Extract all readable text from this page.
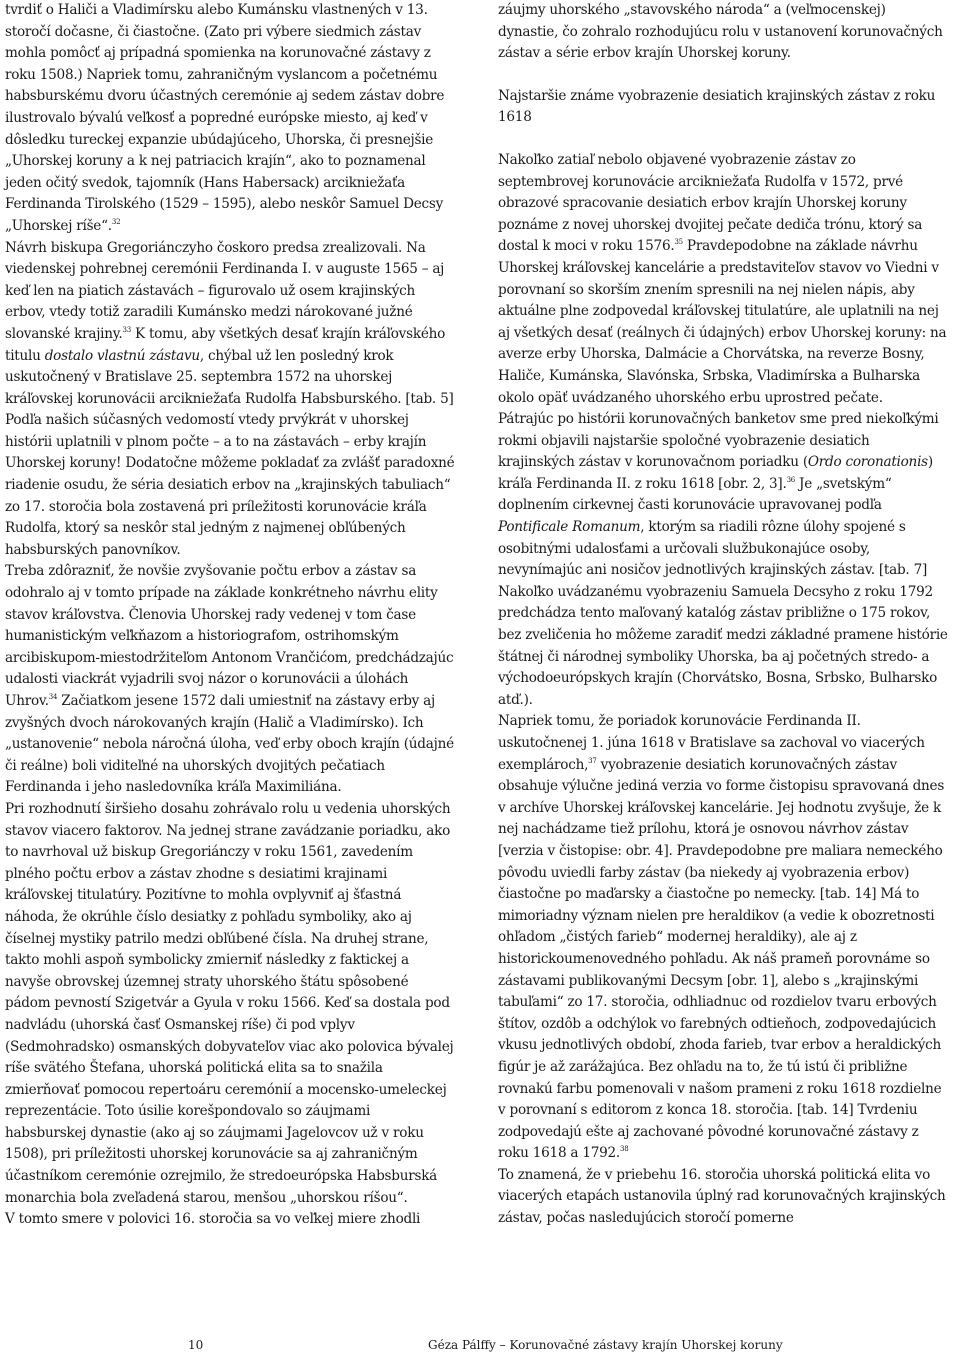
tvrdiť o Haliči a Vladimírsku alebo Kumánsku vlastnených v 13. storočí dočasne, či čiastočne. (Zato pri výbere siedmich zástav mohla pomôcť aj prípadná spomienka na korunovačné zástavy z roku 1508.) Napriek tomu, zahraničným vyslancom a početnému habsburskému dvoru účastných ceremónie aj sedem zástav dobre ilustrovalo bývalú veľkosť a popredné európske miesto, aj keď v dôsledku tureckej expanzie ubúdajúceho, Uhorska, či presnejšie „Uhorskej koruny a k nej patriacich krajín“, ako to poznamenal jeden očitý svedok, tajomník (Hans Habersack) arcikniežaťa Ferdinanda Tirolského (1529 – 1595), alebo neskôr Samuel Decsy „Uhorskej ríše“.$^{32}$

Návrh biskupa Gregoriánczyho čoskoro predsa zrealizovali. Na viedenskej pohrebnej ceremónii Ferdinanda I. v auguste 1565 – aj keď len na piatich zástavách – figurovalo už osem krajinských erbov, vtedy totiž zaradili Kumánsko medzi nárokované južné slovanské krajiny.$^{33}$ K tomu, aby všetkých desať krajín kráľovského titulu dostalo vlastnú zástavu, chýbal už len posledný krok uskutočnený v Bratislave 25. septembra 1572 na uhorskej kráľovskej korunovácii arcikniežaťa Rudolfa Habsburského. [tab. 5] Podľa našich súčasných vedomostí vtedy prvýkrát v uhorskej histórii uplatnili v plnom počte – a to na zástavách – erby krajín Uhorskej koruny! Dodatočne môžeme pokladať za zvlášť paradoxné riadenie osudu, že séria desiatich erbov na „krajinských tabuliach“ zo 17. storočia bola zostavená pri príležitosti korunovácie kráľa Rudolfa, ktorý sa neskôr stal jedným z najmenej obľúbených habsburských panovníkov.

Treba zdôrazniť, že novšie zvyšovanie počtu erbov a zástav sa odohralo aj v tomto prípade na základe konkrétneho návrhu elity stavov kráľovstva. Členovia Uhorskej rady vedenej v tom čase humanistickým veľkňazom a historiografom, ostrihomským arcibiskupom-miestodržiteľom Antonom Vrančićom, predchádzajúc udalosti viackrát vyjadrili svoj názor o korunovácii a úlohách Uhrov.$^{34}$ Začiatkom jesene 1572 dali umiestniť na zástavy erby aj zvyšných dvoch nárokovaných krajín (Halič a Vladimírsko). Ich „ustanovenie“ nebola náročná úloha, veď erby oboch krajín (údajné či reálne) boli viditeľné na uhorských dvojitých pečatiach Ferdinanda i jeho nasledovníka kráľa Maximiliána.

Pri rozhodnutí širšieho dosahu zohrávalo rolu u vedenia uhorských stavov viacero faktorov. Na jednej strane zavádzanie poriadku, ako to navrhoval už biskup Gregoriánczy v roku 1561, zavedením plného počtu erbov a zástav zhodne s desiatimi krajinami kráľovskej titulatúry. Pozitívne to mohla ovplyvniť aj šťastná náhoda, že okrúhle číslo desiatky z pohľadu symboliky, ako aj číselnej mystiky patrilo medzi obľúbené čísla. Na druhej strane, takto mohli aspoň symbolicky zmierniť následky z faktickej a navyše obrovskej územnej straty uhorského štátu spôsobené pádom pevností Szigetvár a Gyula v roku 1566. Keď sa dostala pod nadvládu (uhorská časť Osmanskej ríše) či pod vplyv (Sedmohradsko) osmanských dobyvateľov viac ako polovica bývalej ríše svätého Štefana, uhorská politická elita sa to snažila zmierňovať pomocou repertoáru ceremónií a mocensko-umeleckej reprezentácie. Toto úsilie korešpondovalo so záujmami habsburskej dynastie (ako aj so záujmami Jagelovcov už v roku 1508), pri príležitosti uhorskej korunovácie sa aj zahraničným účastníkom ceremónie ozrejmilo, že stredoeurópska Habsburská monarchia bola zveľadená starou, menšou „uhorskou ríšou“.

V tomto smere v polovici 16. storočia sa vo veľkej miere zhodli

záujmy uhorského „stavovského národa“ a (veľmocenskej) dynastie, čo zohralo rozhodujúcu rolu v ustanovení korunovačných zástav a série erbov krajín Uhorskej koruny.

Najstaršie známe vyobrazenie desiatich krajinských zástav z roku 1618

Nakoľko zatiaľ nebolo objavené vyobrazenie zástav zo septembrovej korunovácie arcikniežaťa Rudolfa v 1572, prvé obrazové spracovanie desiatich erbov krajín Uhorskej koruny poznáme z novej uhorskej dvojitej pečate dediča trónu, ktorý sa dostal k moci v roku 1576.35 Pravdepodobne na základe návrhu Uhorskej kráľovskej kancelárie a predstaviteľov stavov vo Viedni v porovnaní so skorším znením spresnili na nej nielen nápis, aby aktuálne plne zodpovedal kráľovskej titulatúre, ale uplatnili na nej aj všetkých desať (reálnych či údajných) erbov Uhorskej koruny: na averze erby Uhorska, Dalmácie a Chorvátska, na reverze Bosny, Haliče, Kumánska, Slavónska, Srbska, Vladimírska a Bulharska okolo opäť uvádzaného uhorského erbu uprostred pečate.

Pátrajúc po histórii korunovačných banketov sme pred niekoľkými rokmi objavili najstaršie spoločné vyobrazenie desiatich krajinských zástav v korunovačnom poriadku (Ordo coronationis) kráľa Ferdinanda II. z roku 1618 [obr. 2, 3].$^{36}$ Je „svetským“ doplnením cirkevnej časti korunovácie upravovanej podľa Pontificale Romanum, ktorým sa riadili rôzne úlohy spojené s osobitnými udalosťami a určovali službukonajúce osoby, nevynímajúc ani nosičov jednotlivých krajinských zástav. [tab. 7] Nakoľko uvádzanému vyobrazeniu Samuela Decsyho z roku 1792 predchádza tento maľovaný katalóg zástav približne o 175 rokov, bez zveličenia ho môžeme zaradiť medzi základné pramene histórie štátnej či národnej symboliky Uhorska, ba aj početných stredo- a východoeurópskych krajín (Chorvátsko, Bosna, Srbsko, Bulharsko atď.).

Napriek tomu, že poriadok korunovácie Ferdinanda II. uskutočnenej 1. júna 1618 v Bratislave sa zachoval vo viacerých exemplároch,$^{37}$ vyobrazenie desiatich korunovačných zástav obsahuje výlučne jediná verzia vo forme čistopisu spravovaná dnes v archíve Uhorskej kráľovskej kancelárie. Jej hodnotu zvyšuje, že k nej nachádzame tiež prílohu, ktorá je osnovou návrhov zástav [verzia v čistopise: obr. 4]. Pravdepodobne pre maliara nemeckého pôvodu uviedli farby zástav (ba niekedy aj vyobrazenia erbov) čiastočne po maďarsky a čiastočne po nemecky. [tab. 14] Má to mimoriadny význam nielen pre heraldikov (a vedie k obozretnosti ohľadom „čistých farieb“ modernej heraldiky), ale aj z historickoumenovedného pohľadu. Ak náš prameň porovnáme so zástavami publikovanými Decsym [obr. 1], alebo s „krajinskými tabuľami“ zo 17. storočia, odhliadnuc od rozdielov tvaru erbových štítov, ozdôb a odchýlok vo farebných odtieňoch, zodpovedajúcich vkusu jednotlivých období, zhoda farieb, tvar erbov a heraldických figúr je až zarážajúca. Bez ohľadu na to, že tú istú či približne rovnakú farbu pomenovali v našom prameni z roku 1618 rozdielne v porovnaní s editorom z konca 18. storočia. [tab. 14] Tvrdeniu zodpovedajú ešte aj zachované pôvodné korunovačné zástavy z roku 1618 a 1792.38

To znamená, že v priebehu 16. storočia uhorská politická elita vo viacerých etapách ustanovila úplný rad korunovačných krajinských zástav, počas nasledujúcich storočí pomerne

10	Géza Pálffy – Korunovačné zástavy krajín Uhorskej koruny
